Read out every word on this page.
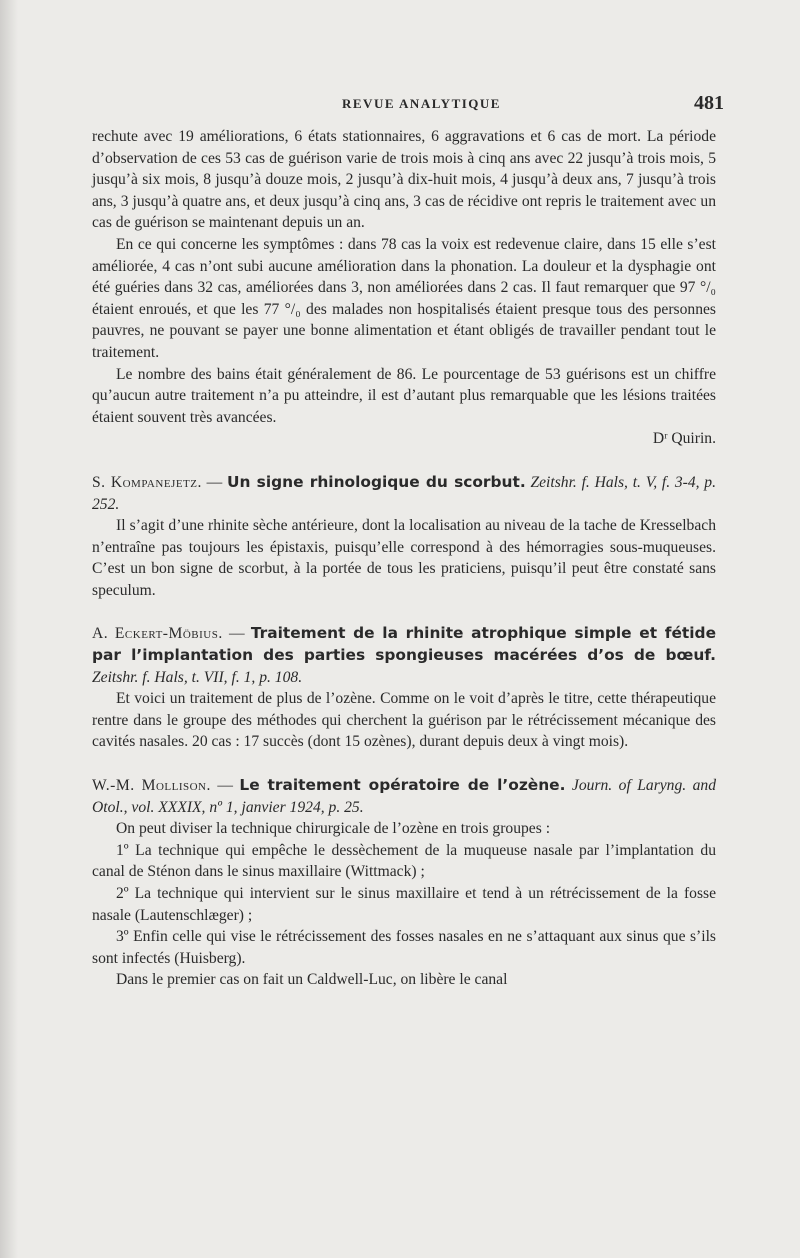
REVUE ANALYTIQUE	481

rechute avec 19 améliorations, 6 états stationnaires, 6 aggravations et 6 cas de mort. La période d’observation de ces 53 cas de guérison varie de trois mois à cinq ans avec 22 jusqu’à trois mois, 5 jusqu’à six mois, 8 jusqu’à douze mois, 2 jusqu’à dix-huit mois, 4 jusqu’à deux ans, 7 jusqu’à trois ans, 3 jusqu’à quatre ans, et deux jusqu’à cinq ans, 3 cas de récidive ont repris le traitement avec un cas de guérison se maintenant depuis un an.

En ce qui concerne les symptômes : dans 78 cas la voix est redevenue claire, dans 15 elle s’est améliorée, 4 cas n’ont subi aucune amélioration dans la phonation. La douleur et la dysphagie ont été guéries dans 32 cas, améliorées dans 3, non améliorées dans 2 cas. Il faut remarquer que 97 °/₀ étaient enroués, et que les 77 °/₀ des malades non hospitalisés étaient presque tous des personnes pauvres, ne pouvant se payer une bonne alimentation et étant obligés de travailler pendant tout le traitement.

Le nombre des bains était généralement de 86. Le pourcentage de 53 guérisons est un chiffre qu’aucun autre traitement n’a pu atteindre, il est d’autant plus remarquable que les lésions traitées étaient souvent très avancées.

Dʳ Quirin.

S. Kompanejetz. — Un signe rhinologique du scorbut. Zeitshr. f. Hals, t. V, f. 3-4, p. 252.

Il s’agit d’une rhinite sèche antérieure, dont la localisation au niveau de la tache de Kresselbach n’entraîne pas toujours les épistaxis, puisqu’elle correspond à des hémorragies sous-muqueuses. C’est un bon signe de scorbut, à la portée de tous les praticiens, puisqu’il peut être constaté sans speculum.

A. Eckert-Möbius. — Traitement de la rhinite atrophique simple et fétide par l’implantation des parties spongieuses macérées d’os de bœuf. Zeitshr. f. Hals, t. VII, f. 1, p. 108.

Et voici un traitement de plus de l’ozène. Comme on le voit d’après le titre, cette thérapeutique rentre dans le groupe des méthodes qui cherchent la guérison par le rétrécissement mécanique des cavités nasales. 20 cas : 17 succès (dont 15 ozènes), durant depuis deux à vingt mois).

W.-M. Mollison. — Le traitement opératoire de l’ozène. Journ. of Laryng. and Otol., vol. XXXIX, nº 1, janvier 1924, p. 25.

On peut diviser la technique chirurgicale de l’ozène en trois groupes :

1º La technique qui empêche le dessèchement de la muqueuse nasale par l’implantation du canal de Sténon dans le sinus maxillaire (Wittmack) ;

2º La technique qui intervient sur le sinus maxillaire et tend à un rétrécissement de la fosse nasale (Lautenschlæger) ;

3º Enfin celle qui vise le rétrécissement des fosses nasales en ne s’attaquant aux sinus que s’ils sont infectés (Huisberg).

Dans le premier cas on fait un Caldwell-Luc, on libère le canal
